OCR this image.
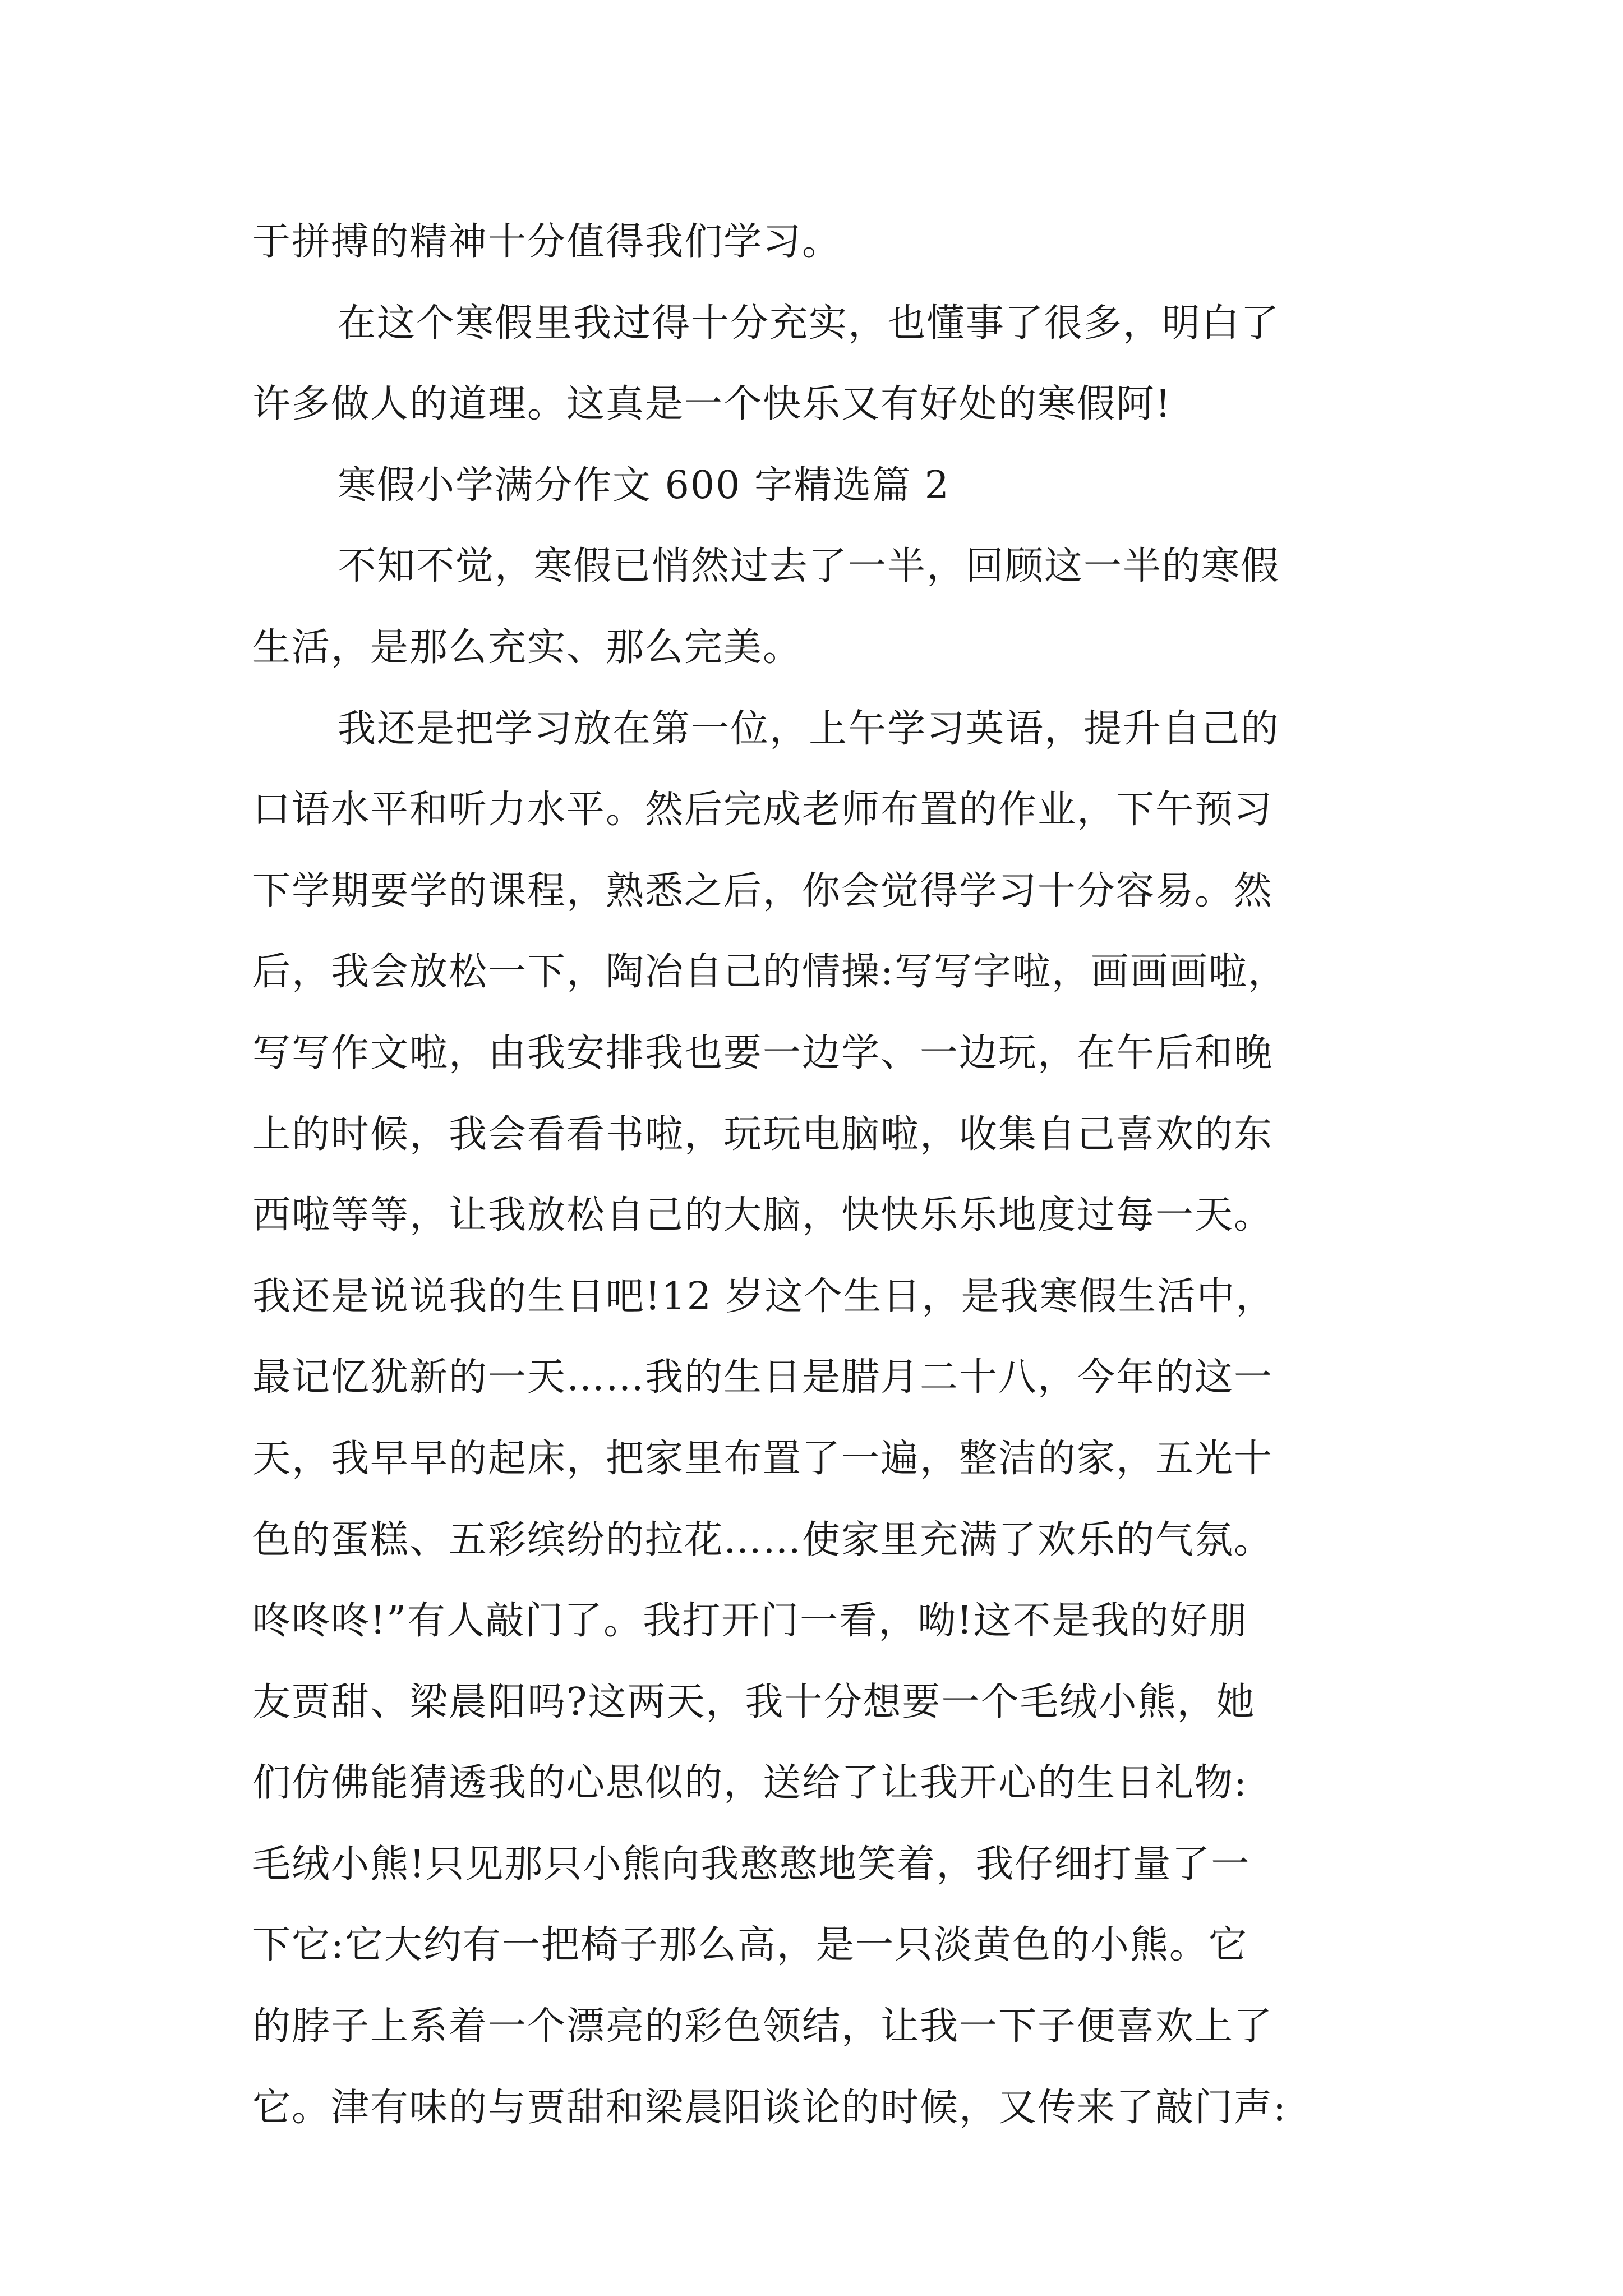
于拼搏的精神十分值得我们学习。
在这个寒假里我过得十分充实，也懂事了很多，明白了
许多做人的道理。这真是一个快乐又有好处的寒假阿!
寒假小学满分作文 600 字精选篇 2
不知不觉，寒假已悄然过去了一半，回顾这一半的寒假
生活，是那么充实、那么完美。
我还是把学习放在第一位，上午学习英语，提升自己的
口语水平和听力水平。然后完成老师布置的作业，下午预习
下学期要学的课程，熟悉之后，你会觉得学习十分容易。然
后，我会放松一下，陶冶自己的情操:写写字啦，画画画啦，
写写作文啦，由我安排我也要一边学、一边玩，在午后和晚
上的时候，我会看看书啦，玩玩电脑啦，收集自己喜欢的东
西啦等等，让我放松自己的大脑，快快乐乐地度过每一天。
我还是说说我的生日吧!12 岁这个生日，是我寒假生活中，
最记忆犹新的一天……我的生日是腊月二十八，今年的这一
天，我早早的起床，把家里布置了一遍，整洁的家，五光十
色的蛋糕、五彩缤纷的拉花……使家里充满了欢乐的气氛。
咚咚咚!”有人敲门了。我打开门一看，呦!这不是我的好朋
友贾甜、梁晨阳吗?这两天，我十分想要一个毛绒小熊，她
们仿佛能猜透我的心思似的，送给了让我开心的生日礼物:
毛绒小熊!只见那只小熊向我憨憨地笑着，我仔细打量了一
下它:它大约有一把椅子那么高，是一只淡黄色的小熊。它
的脖子上系着一个漂亮的彩色领结，让我一下子便喜欢上了
它。津有味的与贾甜和梁晨阳谈论的时候，又传来了敲门声:
